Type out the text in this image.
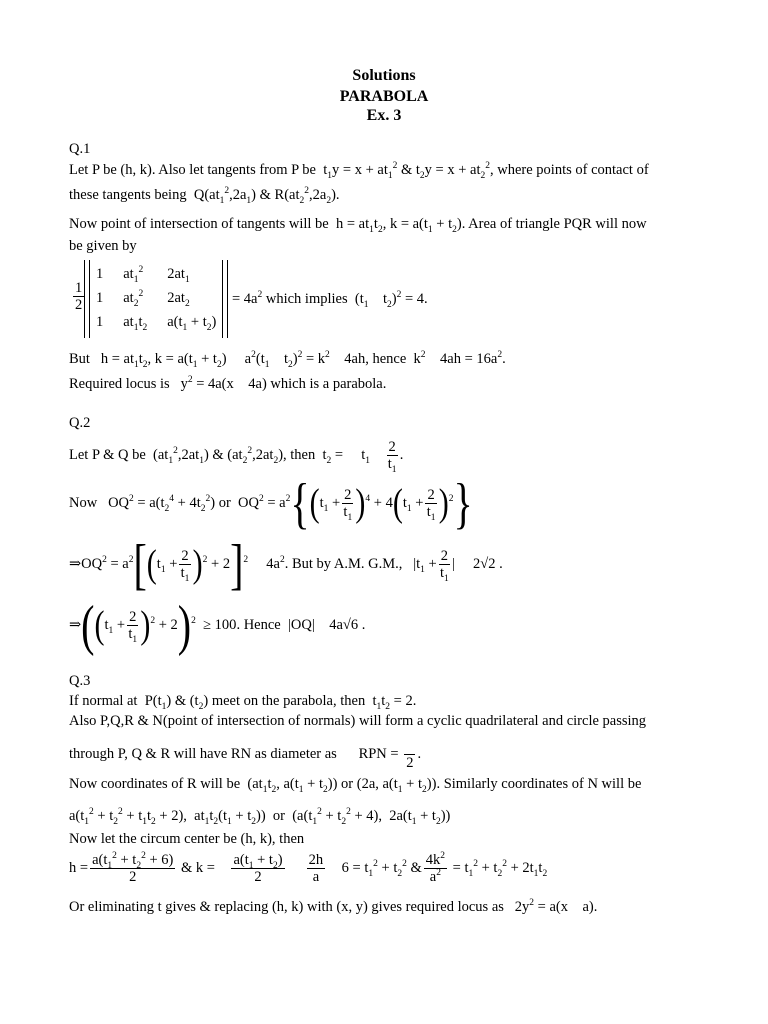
Solutions
PARABOLA
Ex. 3
Q.1
Let P be (h, k). Also let tangents from P be  $t_1y = x + at_1^2$ & $t_2y = x + at_2^2$, where points of contact of
these tangents being  $Q(at_1^2,2a_1)$ & $R(at_2^2,2a_2)$.
Now point of intersection of tangents will be  $h = at_1t_2$, $k = a(t_1 + t_2)$. Area of triangle PQR will now
be given by
$\frac{1}{2}$
1	$at_1^2$	$2at_1$
1	$at_2^2$	$2at_2$
1	$at_1t_2$	$a(t_1 + t_2)$
= $4a^2$ which implies  ($t_1$    $t_2)^2 = 4$.
But   $h = at_1t_2$, $k = a(t_1 + t_2)$     $a^2(t_1$    $t_2)^2 = k^2$    4ah, hence  $k^2$    $4ah = 16a^2$.
Required locus is   $y^2 = 4a(x$    4a) which is a parabola.
Q.2
Let P & Q be  $(at_1^2,2at_1)$ & $(at_2^2,2at_2)$, then  $t_2$ =     $t_1 \frac{2}{t_1}$ .
Now   $OQ^2 = a(t_2^4 + 4t_2^2)$ or  $OQ^2 = a^2\{(t_1 + \frac{2}{t_1} )^4 + 4(t_1 + \frac{2}{t_1} )^2\}$
$\Rightarrow OQ^2 = a^2[(t_1 + \frac{2}{t_1} )^2 + 2]^2$     $4a^2$. But by A.M. G.M.,   $|t_1 + \frac{2}{t_1}$ |     2√2 .
$\Rightarrow((t_1 + \frac{2}{t_1} )^2 + 2)^2 \ge 100$. Hence  |OQ|    4a√6 .
Q.3
If normal at  $P(t_1)$ & $(t_2)$ meet on the parabola, then  $t_1t_2 = 2$.
Also P,Q,R & N(point of intersection of normals) will form a cyclic quadrilateral and circle passing
through P, Q & R will have RN as diameter as      RPN =

2
.
Now coordinates of R will be  ($at_1t_2$, $a(t_1 + t_2)$) or (2a, $a(t_1 + t_2)$). Similarly coordinates of N will be
$a(t_1^2 + t_2^2 + t_1t_2 + 2)$,  $at_1t_2(t_1 + t_2)$)  or  ($a(t_1^2 + t_2^2 + 4)$,  $2a(t_1 + t_2)$)
Now let the circum center be (h, k), then
$h = \frac{a(t_1^2 + t_2^2 + 6)}{2}$ & $k = \frac{a(t_1 + t_2)}{2}$
$\frac{2h}{a} 6 = t_1^2 + t_2^2$ & $\frac{4k^2}{a^2} = t_1^2 + t_2^2 + 2t_1t_2$
Or eliminating t gives & replacing (h, k) with (x, y) gives required locus as   $2y^2 = a(x$    a).
